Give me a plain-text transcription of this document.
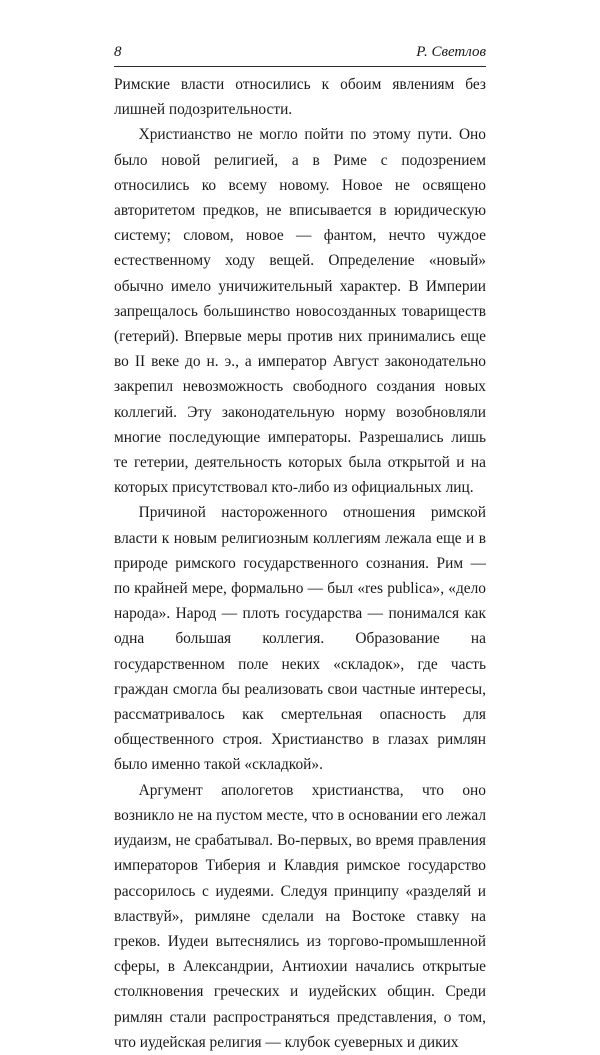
8	Р. Светлов

Римские власти относились к обоим явлениям без лишней подозрительности.

Христианство не могло пойти по этому пути. Оно было новой религией, а в Риме с подозрением относились ко всему новому. Новое не освящено авторитетом предков, не вписывается в юридическую систему; словом, новое — фантом, нечто чуждое естественному ходу вещей. Определение «новый» обычно имело уничижительный характер. В Империи запрещалось большинство новосозданных товариществ (гетерий). Впервые меры против них принимались еще во II веке до н. э., а император Август законодательно закрепил невозможность свободного создания новых коллегий. Эту законодательную норму возобновляли многие последующие императоры. Разрешались лишь те гетерии, деятельность которых была открытой и на которых присутствовал кто-либо из официальных лиц.

Причиной настороженного отношения римской власти к новым религиозным коллегиям лежала еще и в природе римского государственного сознания. Рим — по крайней мере, формально — был «res publica», «дело народа». Народ — плоть государства — понимался как одна большая коллегия. Образование на государственном поле неких «складок», где часть граждан смогла бы реализовать свои частные интересы, рассматривалось как смертельная опасность для общественного строя. Христианство в глазах римлян было именно такой «складкой».

Аргумент апологетов христианства, что оно возникло не на пустом месте, что в основании его лежал иудаизм, не срабатывал. Во-первых, во время правления императоров Тиберия и Клавдия римское государство рассорилось с иудеями. Следуя принципу «разделяй и властвуй», римляне сделали на Востоке ставку на греков. Иудеи вытеснялись из торгово-промышленной сферы, в Александрии, Антиохии начались открытые столкновения греческих и иудейских общин. Среди римлян стали распространяться представления, о том, что иудейская религия — клубок суеверных и диких
